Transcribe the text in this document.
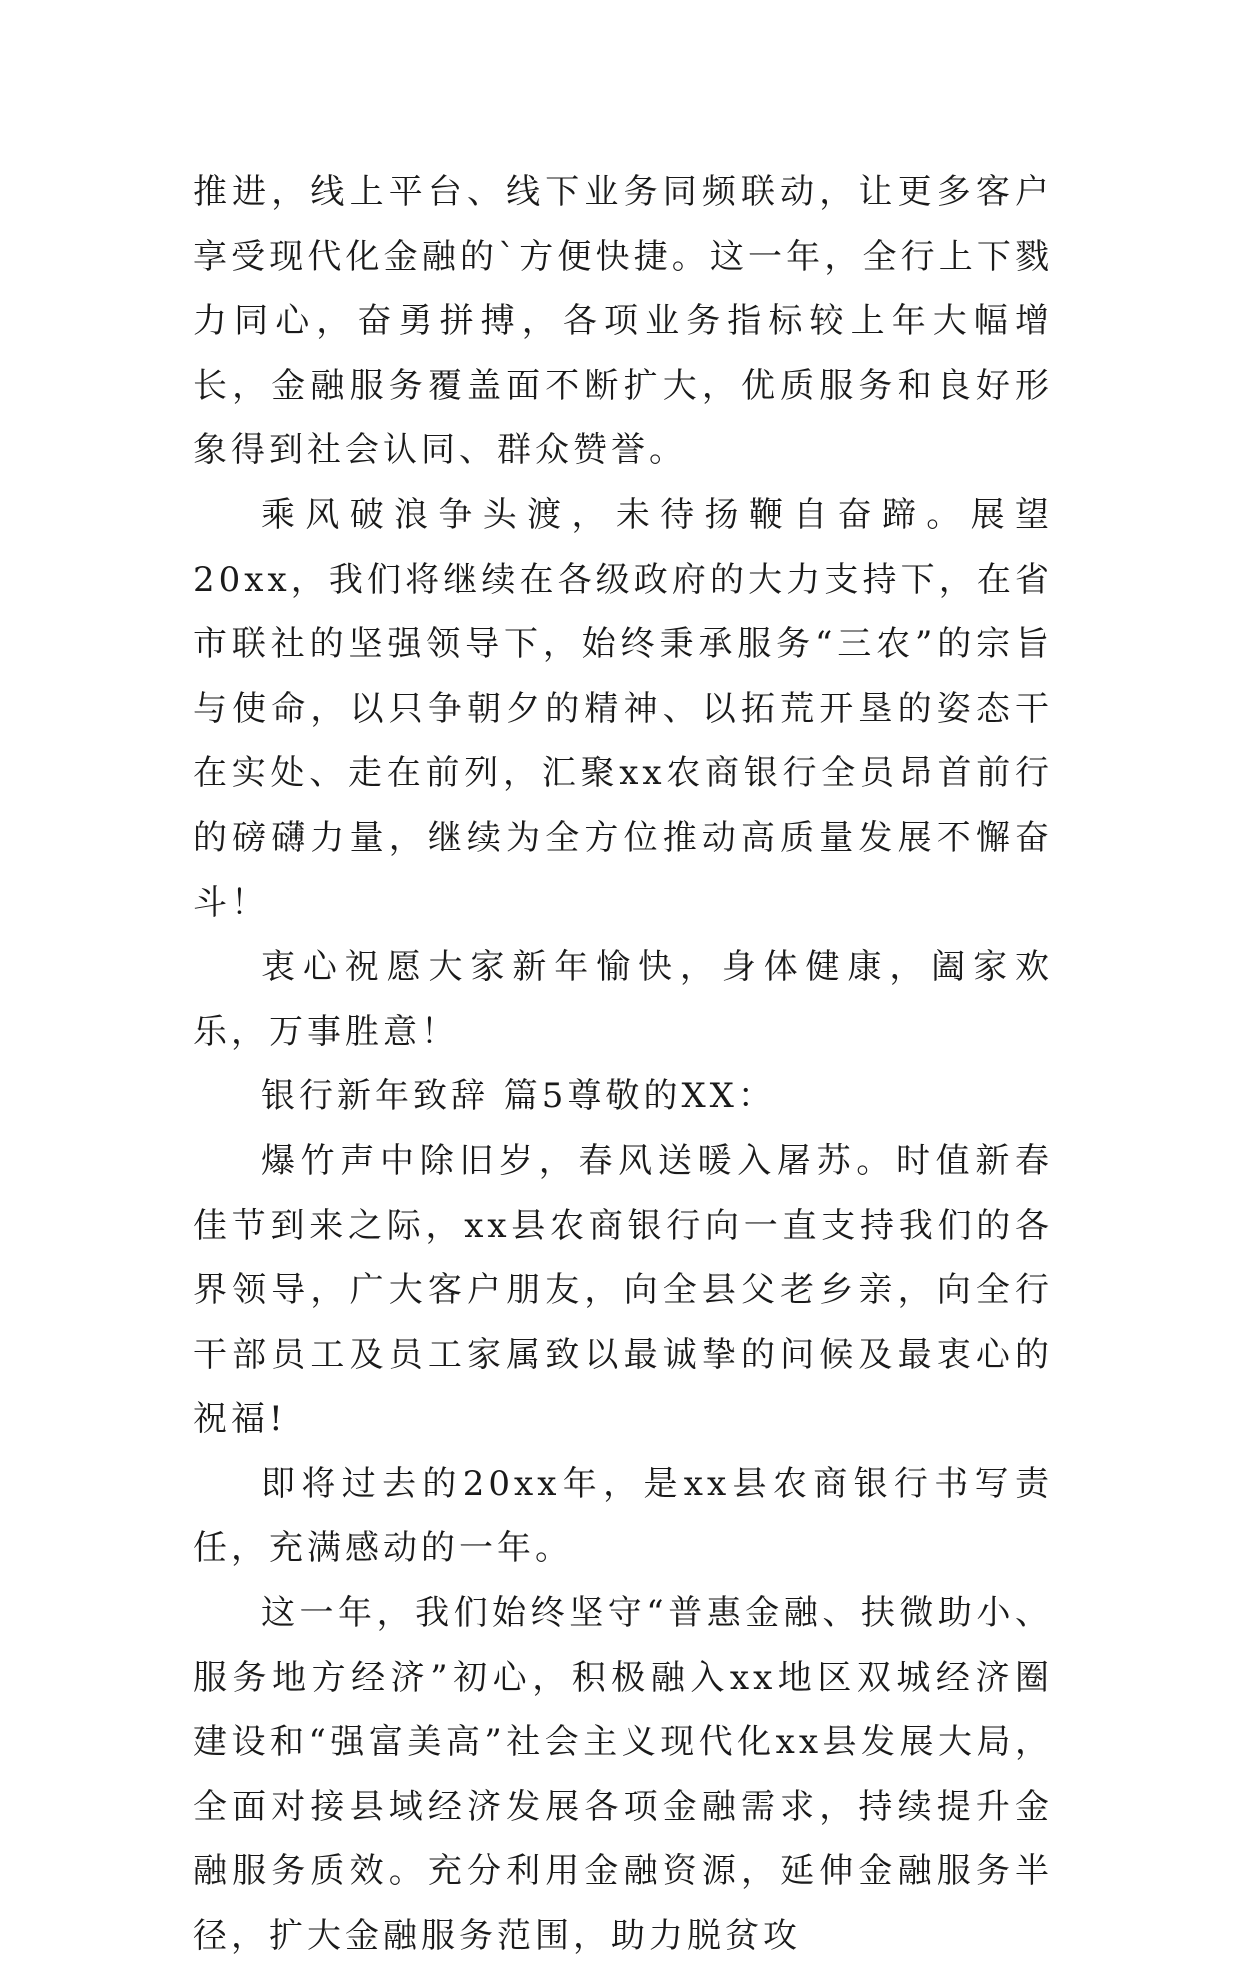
推进，线上平台、线下业务同频联动，让更多客户享受现代化金融的`方便快捷。这一年，全行上下戮力同心，奋勇拼搏，各项业务指标较上年大幅增长，金融服务覆盖面不断扩大，优质服务和良好形象得到社会认同、群众赞誉。

乘风破浪争头渡，未待扬鞭自奋蹄。展望20xx，我们将继续在各级政府的大力支持下，在省市联社的坚强领导下，始终秉承服务“三农”的宗旨与使命，以只争朝夕的精神、以拓荒开垦的姿态干在实处、走在前列，汇聚xx农商银行全员昂首前行的磅礴力量，继续为全方位推动高质量发展不懈奋斗！

衷心祝愿大家新年愉快，身体健康，阖家欢乐，万事胜意！

银行新年致辞 篇5尊敬的XX：

爆竹声中除旧岁，春风送暖入屠苏。时值新春佳节到来之际，xx县农商银行向一直支持我们的各界领导，广大客户朋友，向全县父老乡亲，向全行干部员工及员工家属致以最诚挚的问候及最衷心的祝福!

即将过去的20xx年，是xx县农商银行书写责任，充满感动的一年。

这一年，我们始终坚守“普惠金融、扶微助小、服务地方经济”初心，积极融入xx地区双城经济圈建设和“强富美高”社会主义现代化xx县发展大局，全面对接县域经济发展各项金融需求，持续提升金融服务质效。充分利用金融资源，延伸金融服务半径，扩大金融服务范围，助力脱贫攻
